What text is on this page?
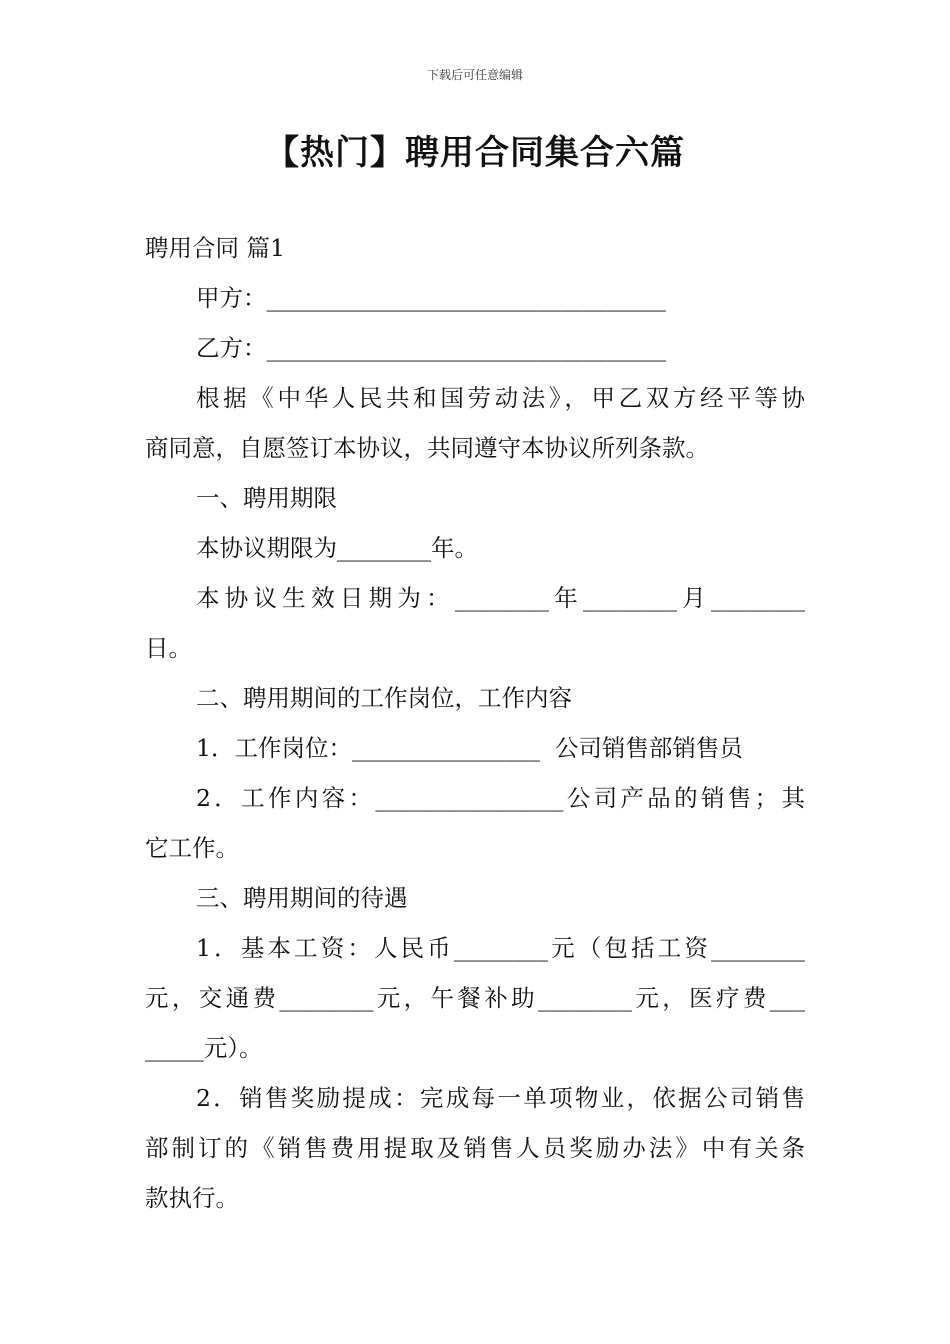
下载后可任意编辑
【热门】聘用合同集合六篇
聘用合同 篇1
甲方：__________________________________
乙方：__________________________________
根据《中华人民共和国劳动法》，甲乙双方经平等协
商同意，自愿签订本协议，共同遵守本协议所列条款。
一、聘用期限
本协议期限为________年。
本协议生效日期为：________年________月________
日。
二、聘用期间的工作岗位，工作内容
1．工作岗位：________________  公司销售部销售员
2．工作内容：________________公司产品的销售；其
它工作。
三、聘用期间的待遇
1．基本工资：人民币________元（包括工资________
元，交通费________元，午餐补助________元，医疗费___
_____元）。
2．销售奖励提成：完成每一单项物业，依据公司销售
部制订的《销售费用提取及销售人员奖励办法》中有关条
款执行。
